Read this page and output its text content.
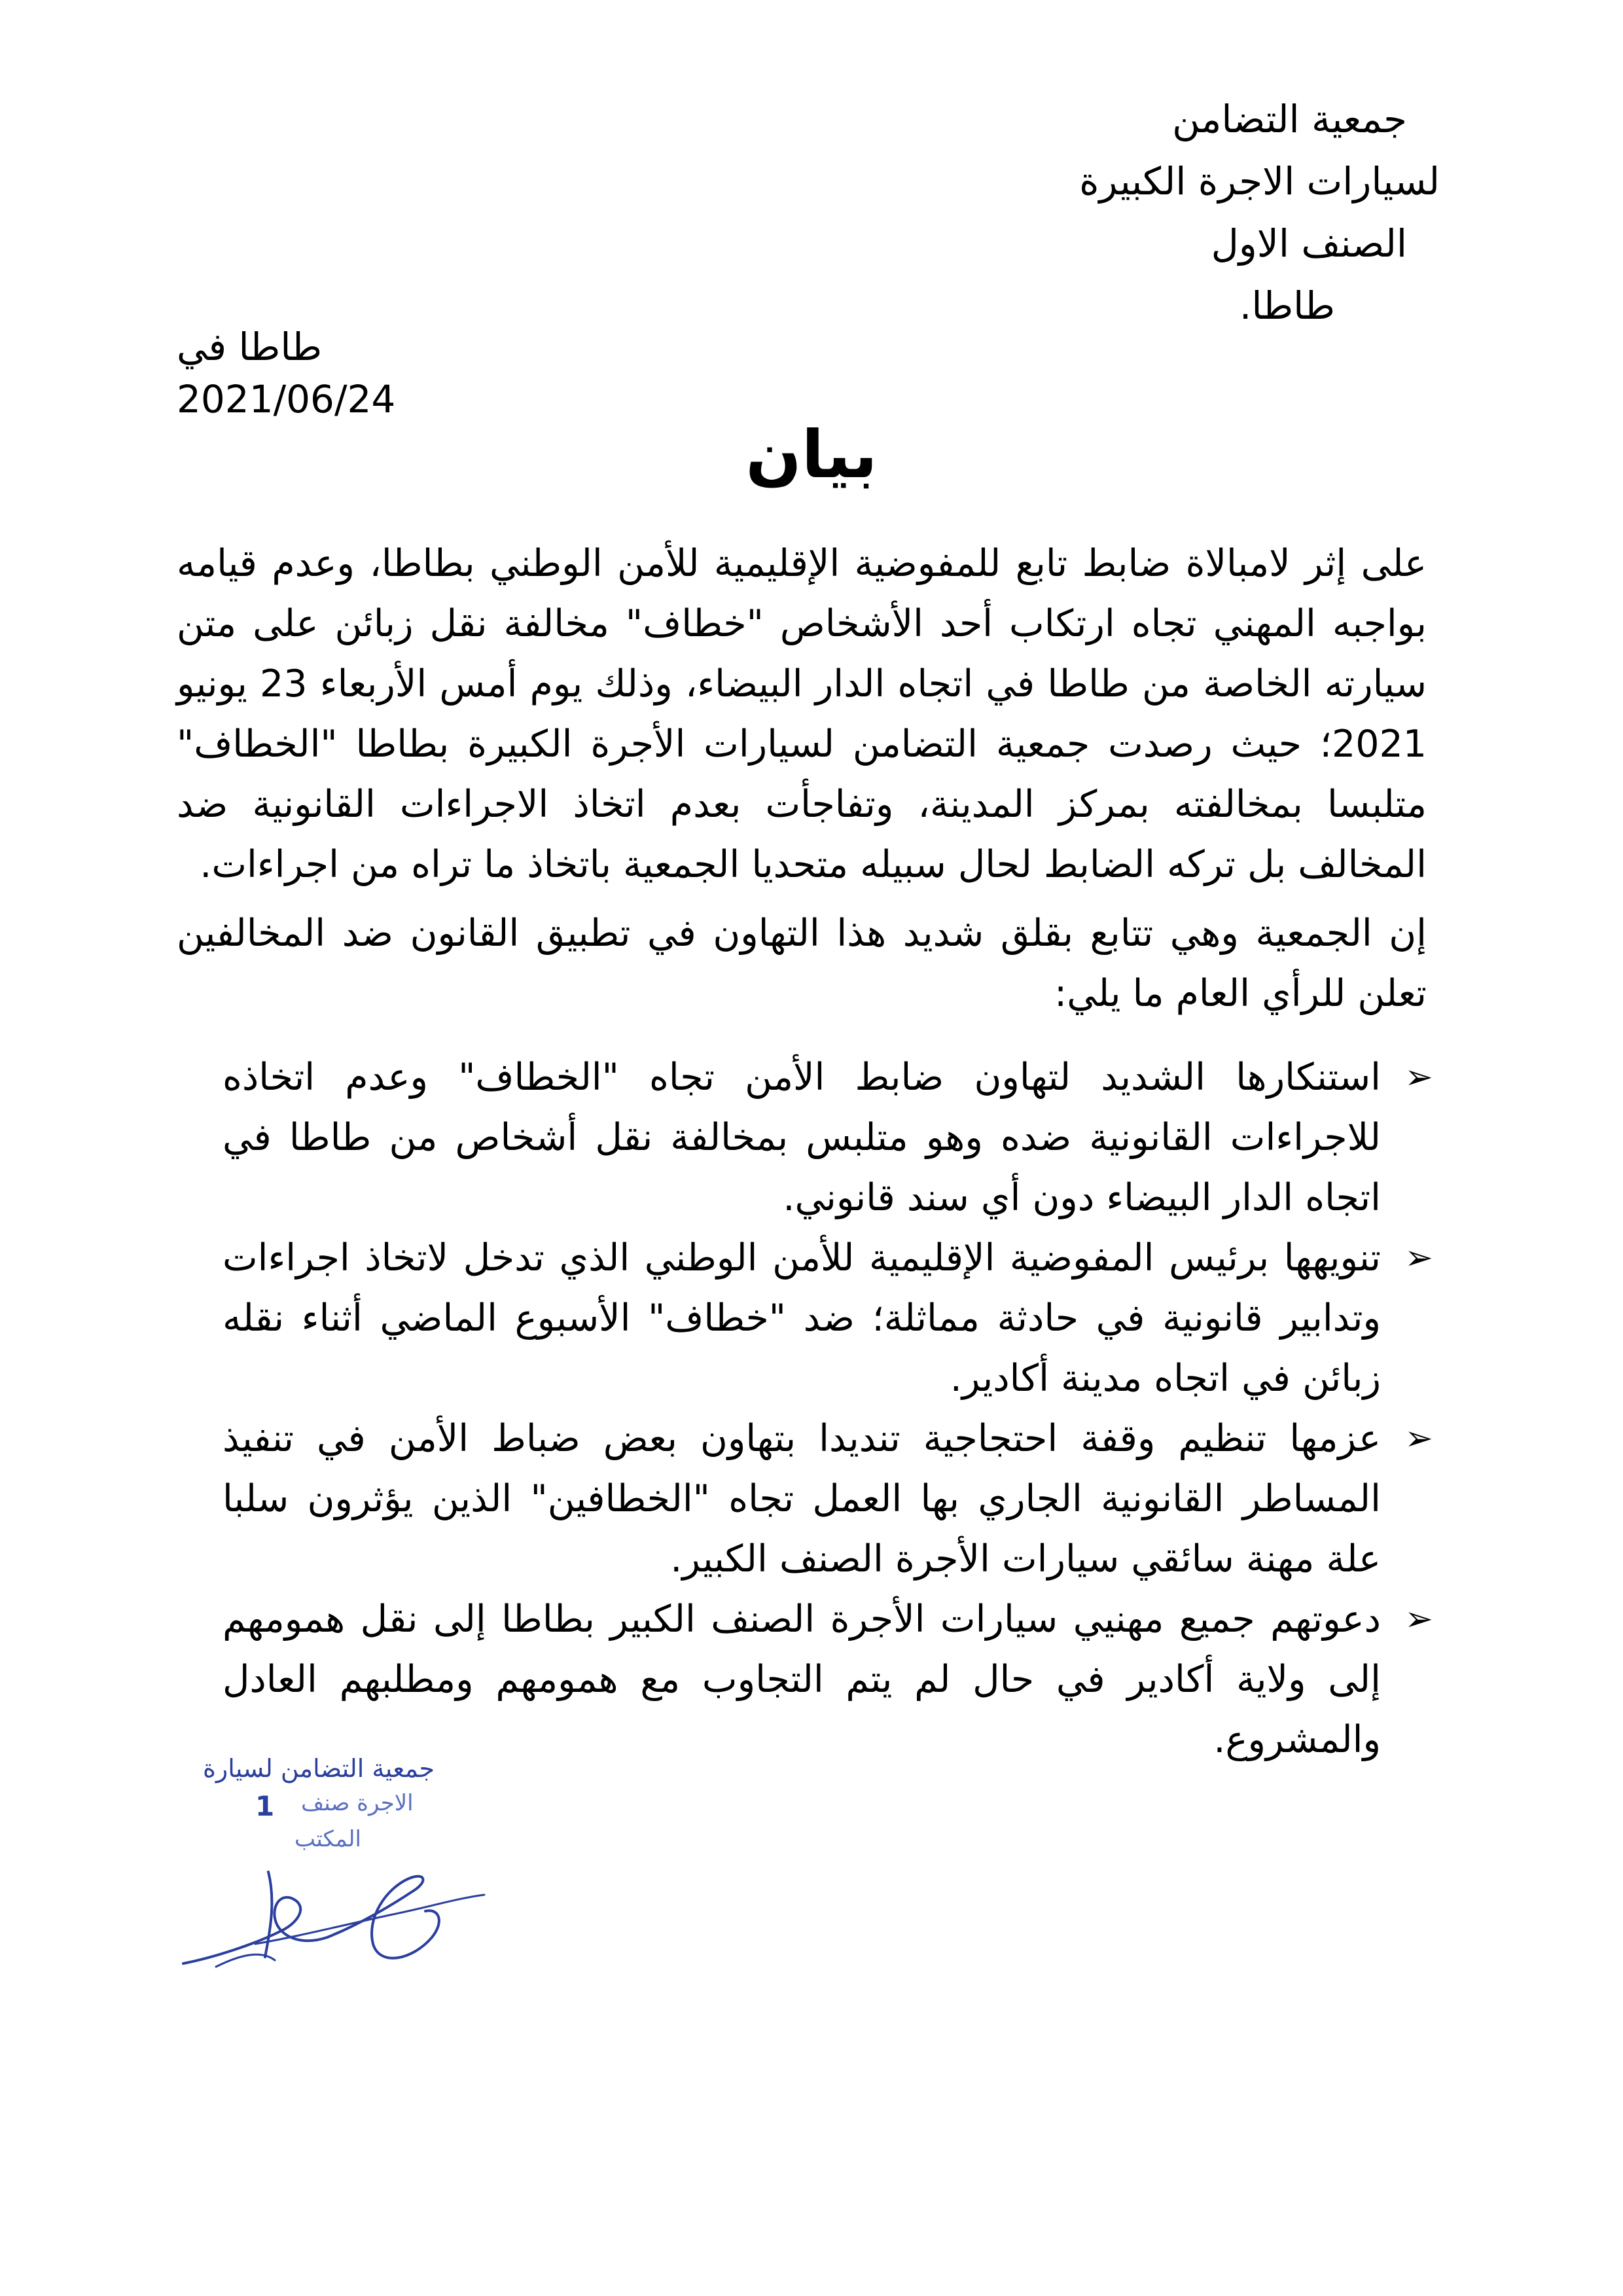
جمعية التضامن
لسيارات الاجرة الكبيرة
الصنف الاول
طاطا.
طاطا في 2021/06/24
بيان
على إثر لامبالاة ضابط تابع للمفوضية الإقليمية للأمن الوطني بطاطا، وعدم قيامه بواجبه المهني تجاه ارتكاب أحد الأشخاص "خطاف" مخالفة نقل زبائن على متن سيارته الخاصة من طاطا في اتجاه الدار البيضاء، وذلك يوم أمس الأربعاء 23 يونيو 2021؛ حيث رصدت جمعية التضامن لسيارات الأجرة الكبيرة بطاطا "الخطاف" متلبسا بمخالفته بمركز المدينة، وتفاجأت بعدم اتخاذ الاجراءات القانونية ضد المخالف بل تركه الضابط لحال سبيله متحديا الجمعية باتخاذ ما تراه من اجراءات.
إن الجمعية وهي تتابع بقلق شديد هذا التهاون في تطبيق القانون ضد المخالفين تعلن للرأي العام ما يلي:
➢
استنكارها الشديد لتهاون ضابط الأمن تجاه "الخطاف" وعدم اتخاذه للاجراءات القانونية ضده وهو متلبس بمخالفة نقل أشخاص من طاطا في اتجاه الدار البيضاء دون أي سند قانوني.
➢
تنويهها برئيس المفوضية الإقليمية للأمن الوطني الذي تدخل لاتخاذ اجراءات وتدابير قانونية في حادثة مماثلة؛ ضد "خطاف" الأسبوع الماضي أثناء نقله زبائن في اتجاه مدينة أكادير.
➢
عزمها تنظيم وقفة احتجاجية تنديدا بتهاون بعض ضباط الأمن في تنفيذ المساطر القانونية الجاري بها العمل تجاه "الخطافين" الذين يؤثرون سلبا علة مهنة سائقي سيارات الأجرة الصنف الكبير.
➢
دعوتهم جميع مهنيي سيارات الأجرة الصنف الكبير بطاطا إلى نقل همومهم إلى ولاية أكادير في حال لم يتم التجاوب مع همومهم ومطلبهم العادل والمشروع.
جمعية التضامن لسيارة
1 الاجرة صنف
المكتب
